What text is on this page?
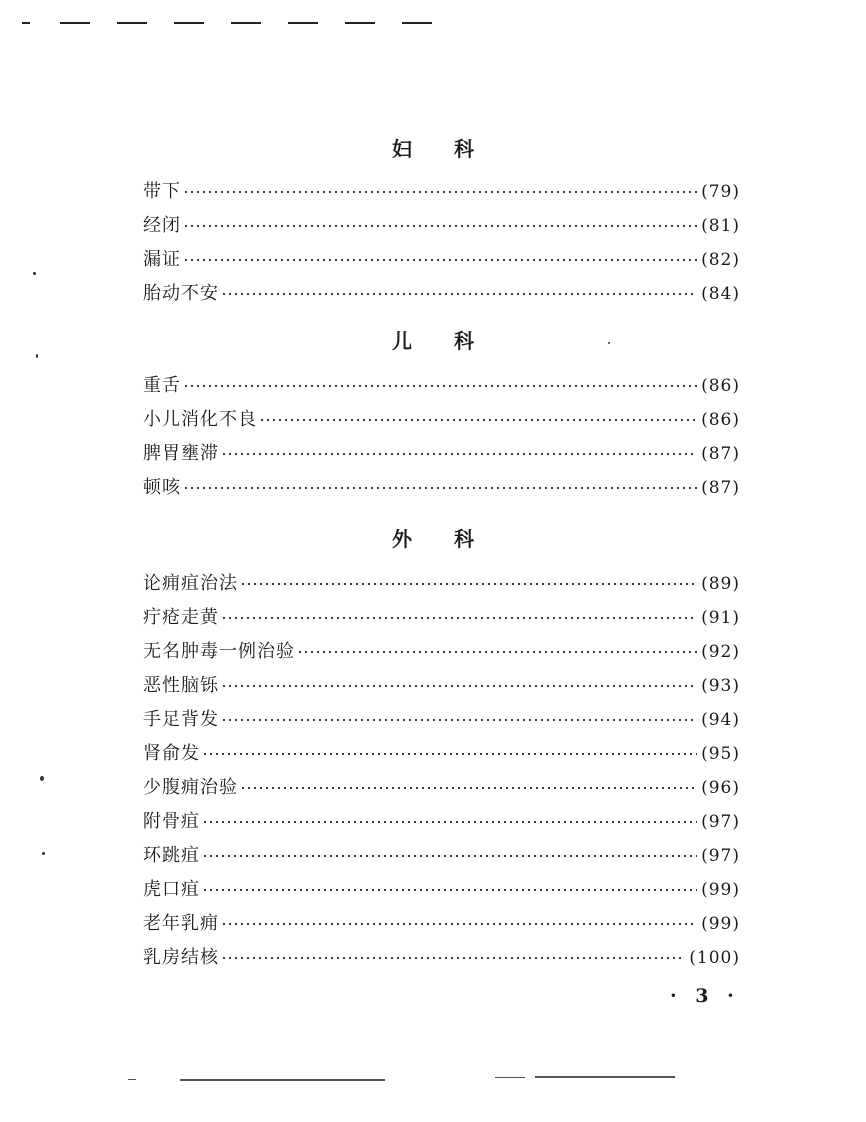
妇 科
带下	(79)
经闭	(81)
漏证	(82)
胎动不安	(84)
儿 科
重舌	(86)
小儿消化不良	(86)
脾胃壅滞	(87)
顿咳	(87)
外 科
论痈疽治法	(89)
疔疮走黄	(91)
无名肿毒一例治验	(92)
恶性脑铄	(93)
手足背发	(94)
肾俞发	(95)
少腹痈治验	(96)
附骨疽	(97)
环跳疽	(97)
虎口疽	(99)
老年乳痈	(99)
乳房结核	(100)
· 3 ·
